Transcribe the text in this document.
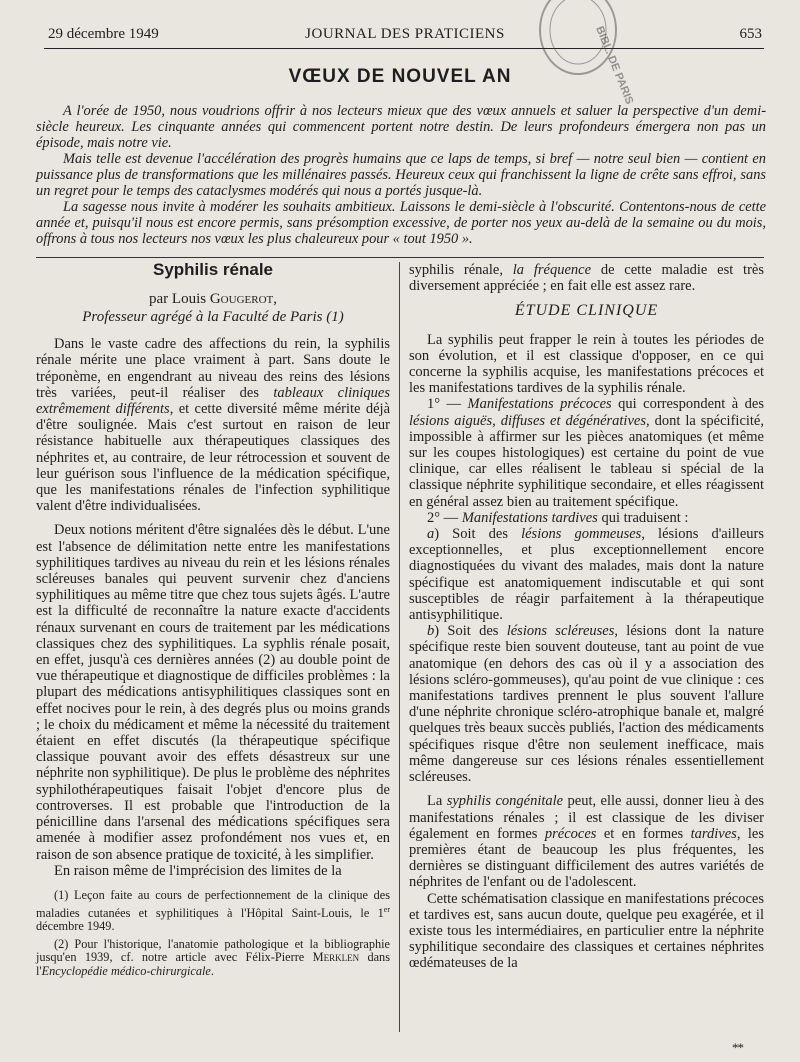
29 décembre 1949	JOURNAL DES PRATICIENS	653
BIBL. DE PARIS
VŒUX DE NOUVEL AN

A l'orée de 1950, nous voudrions offrir à nos lecteurs mieux que des vœux annuels et saluer la perspective d'un demi-siècle heureux. Les cinquante années qui commencent portent notre destin. De leurs profondeurs émergera non pas un épisode, mais notre vie.

Mais telle est devenue l'accélération des progrès humains que ce laps de temps, si bref — notre seul bien — contient en puissance plus de transformations que les millénaires passés. Heureux ceux qui franchissent la ligne de crête sans effroi, sans un regret pour le temps des cataclysmes modérés qui nous a portés jusque-là.

La sagesse nous invite à modérer les souhaits ambitieux. Laissons le demi-siècle à l'obscurité. Contentons-nous de cette année et, puisqu'il nous est encore permis, sans présomption excessive, de porter nos yeux au-delà de la semaine ou du mois, offrons à tous nos lecteurs nos vœux les plus chaleureux pour « tout 1950 ».

Syphilis rénale
par Louis Gougerot,
Professeur agrégé à la Faculté de Paris (1)

Dans le vaste cadre des affections du rein, la syphilis rénale mérite une place vraiment à part. Sans doute le tréponème, en engendrant au niveau des reins des lésions très variées, peut-il réaliser des tableaux cliniques extrêmement différents, et cette diversité même mérite déjà d'être soulignée. Mais c'est surtout en raison de leur résistance habituelle aux thérapeutiques classiques des néphrites et, au contraire, de leur rétrocession et souvent de leur guérison sous l'influence de la médication spécifique, que les manifestations rénales de l'infection syphilitique valent d'être individualisées.

Deux notions méritent d'être signalées dès le début. L'une est l'absence de délimitation nette entre les manifestations syphilitiques tardives au niveau du rein et les lésions rénales scléreuses banales qui peuvent survenir chez d'anciens syphilitiques au même titre que chez tous sujets âgés. L'autre est la difficulté de reconnaître la nature exacte d'accidents rénaux survenant en cours de traitement par les médications classiques chez des syphilitiques. La syphlis rénale posait, en effet, jusqu'à ces dernières années (2) au double point de vue thérapeutique et diagnostique de difficiles problèmes : la plupart des médications antisyphilitiques classiques sont en effet nocives pour le rein, à des degrés plus ou moins grands ; le choix du médicament et même la nécessité du traitement étaient en effet discutés (la thérapeutique spécifique classique pouvant avoir des effets désastreux sur une néphrite non syphilitique). De plus le problème des néphrites syphilothérapeutiques faisait l'objet d'encore plus de controverses. Il est probable que l'introduction de la pénicilline dans l'arsenal des médications spécifiques sera amenée à modifier assez profondément nos vues et, en raison de son absence pratique de toxicité, à les simplifier.

En raison même de l'imprécision des limites de la

(1) Leçon faite au cours de perfectionnement de la clinique des maladies cutanées et syphilitiques à l'Hôpital Saint-Louis, le 1er décembre 1949.

(2) Pour l'historique, l'anatomie pathologique et la bibliographie jusqu'en 1939, cf. notre article avec Félix-Pierre Merklen dans l'Encyclopédie médico-chirurgicale.

syphilis rénale, la fréquence de cette maladie est très diversement appréciée ; en fait elle est assez rare.

ÉTUDE CLINIQUE

La syphilis peut frapper le rein à toutes les périodes de son évolution, et il est classique d'opposer, en ce qui concerne la syphilis acquise, les manifestations précoces et les manifestations tardives de la syphilis rénale.

1° — Manifestations précoces qui correspondent à des lésions aiguës, diffuses et dégénératives, dont la spécificité, impossible à affirmer sur les pièces anatomiques (et même sur les coupes histologiques) est certaine du point de vue clinique, car elles réalisent le tableau si spécial de la classique néphrite syphilitique secondaire, et elles réagissent en général assez bien au traitement spécifique.

2° — Manifestations tardives qui traduisent :

a) Soit des lésions gommeuses, lésions d'ailleurs exceptionnelles, et plus exceptionnellement encore diagnostiquées du vivant des malades, mais dont la nature spécifique est anatomiquement indiscutable et qui sont susceptibles de réagir parfaitement à la thérapeutique antisyphilitique.

b) Soit des lésions scléreuses, lésions dont la nature spécifique reste bien souvent douteuse, tant au point de vue anatomique (en dehors des cas où il y a association des lésions scléro-gommeuses), qu'au point de vue clinique : ces manifestations tardives prennent le plus souvent l'allure d'une néphrite chronique scléro-atrophique banale et, malgré quelques très beaux succès publiés, l'action des médicaments spécifiques risque d'être non seulement inefficace, mais même dangereuse sur ces lésions rénales essentiellement scléreuses.

La syphilis congénitale peut, elle aussi, donner lieu à des manifestations rénales ; il est classique de les diviser également en formes précoces et en formes tardives, les premières étant de beaucoup les plus fréquentes, les dernières se distinguant difficilement des autres variétés de néphrites de l'enfant ou de l'adolescent.

Cette schématisation classique en manifestations précoces et tardives est, sans aucun doute, quelque peu exagérée, et il existe tous les intermédiaires, en particulier entre la néphrite syphilitique secondaire des classiques et certaines néphrites œdémateuses de la

**
